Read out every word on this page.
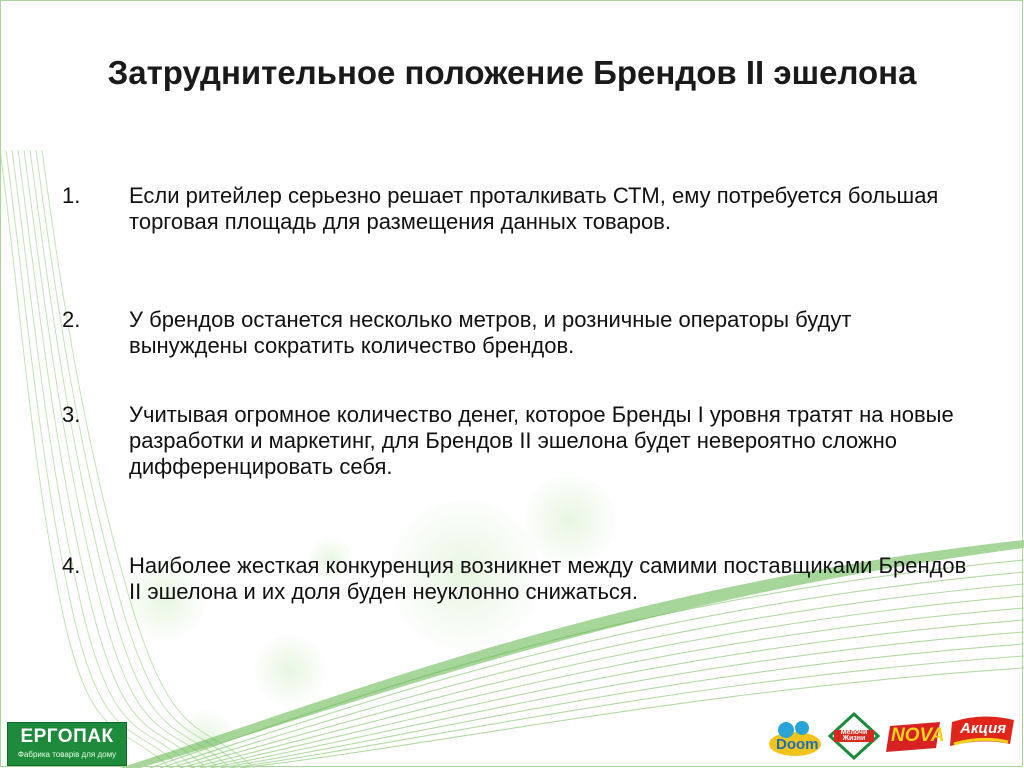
Затруднительное положение Брендов II эшелона
1. Если ритейлер серьезно решает проталкивать СТМ, ему потребуется большая торговая площадь для размещения данных товаров.
2. У брендов останется несколько метров, и розничные операторы будут вынуждены сократить количество брендов.
3. Учитывая огромное количество денег, которое Бренды I уровня тратят на новые разработки и маркетинг, для Брендов II эшелона будет невероятно сложно дифференцировать себя.
4. Наиболее жесткая конкуренция возникнет между самими поставщиками Брендов II эшелона и их доля буден неуклонно снижаться.
ЕРГОПАК
Фабрика товарів для дому
Doom
Мелочи Жизни	NOVA Акция
